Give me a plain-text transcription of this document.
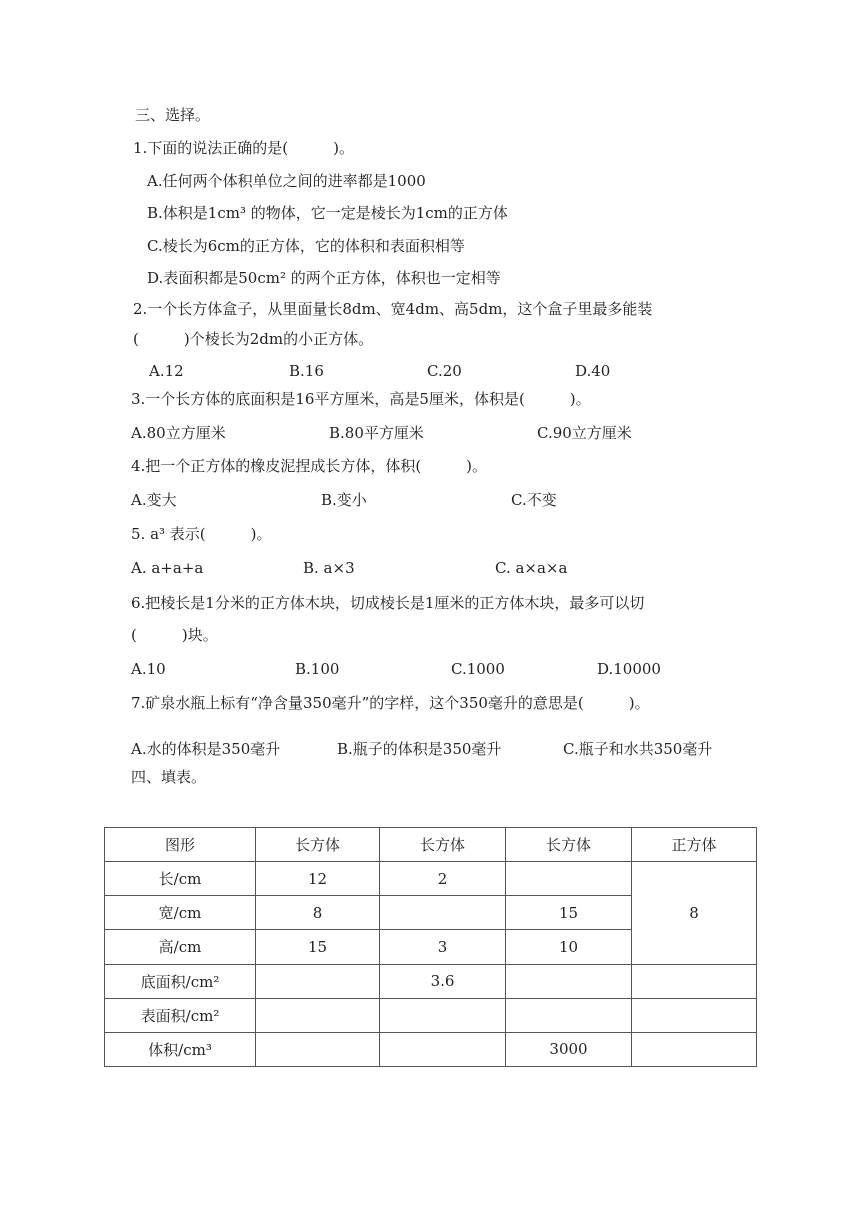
三、选择。
1.下面的说法正确的是(　　　)。
A.任何两个体积单位之间的进率都是1000
B.体积是1cm³ 的物体，它一定是棱长为1cm的正方体
C.棱长为6cm的正方体，它的体积和表面积相等
D.表面积都是50cm² 的两个正方体，体积也一定相等
2.一个长方体盒子，从里面量长8dm、宽4dm、高5dm，这个盒子里最多能装
(　　　)个棱长为2dm的小正方体。
A.12	B.16	C.20	D.40
3.一个长方体的底面积是16平方厘米，高是5厘米，体积是(　　　)。
A.80立方厘米	B.80平方厘米	C.90立方厘米
4.把一个正方体的橡皮泥捏成长方体，体积(　　　)。
A.变大	B.变小	C.不变
5. a³ 表示(　　　)。
A. a+a+a	B. a×3	C. a×a×a
6.把棱长是1分米的正方体木块，切成棱长是1厘米的正方体木块，最多可以切
(　　　)块。
A.10	B.100	C.1000	D.10000
7.矿泉水瓶上标有“净含量350毫升”的字样，这个350毫升的意思是(　　　)。
A.水的体积是350毫升	B.瓶子的体积是350毫升	C.瓶子和水共350毫升
四、填表。
图形	长方体	长方体	长方体	正方体
长/cm	12	2		8
宽/cm	8		15	
高/cm	15	3	10	
底面积/cm²		3.6		
表面积/cm²				
体积/cm³			3000	
